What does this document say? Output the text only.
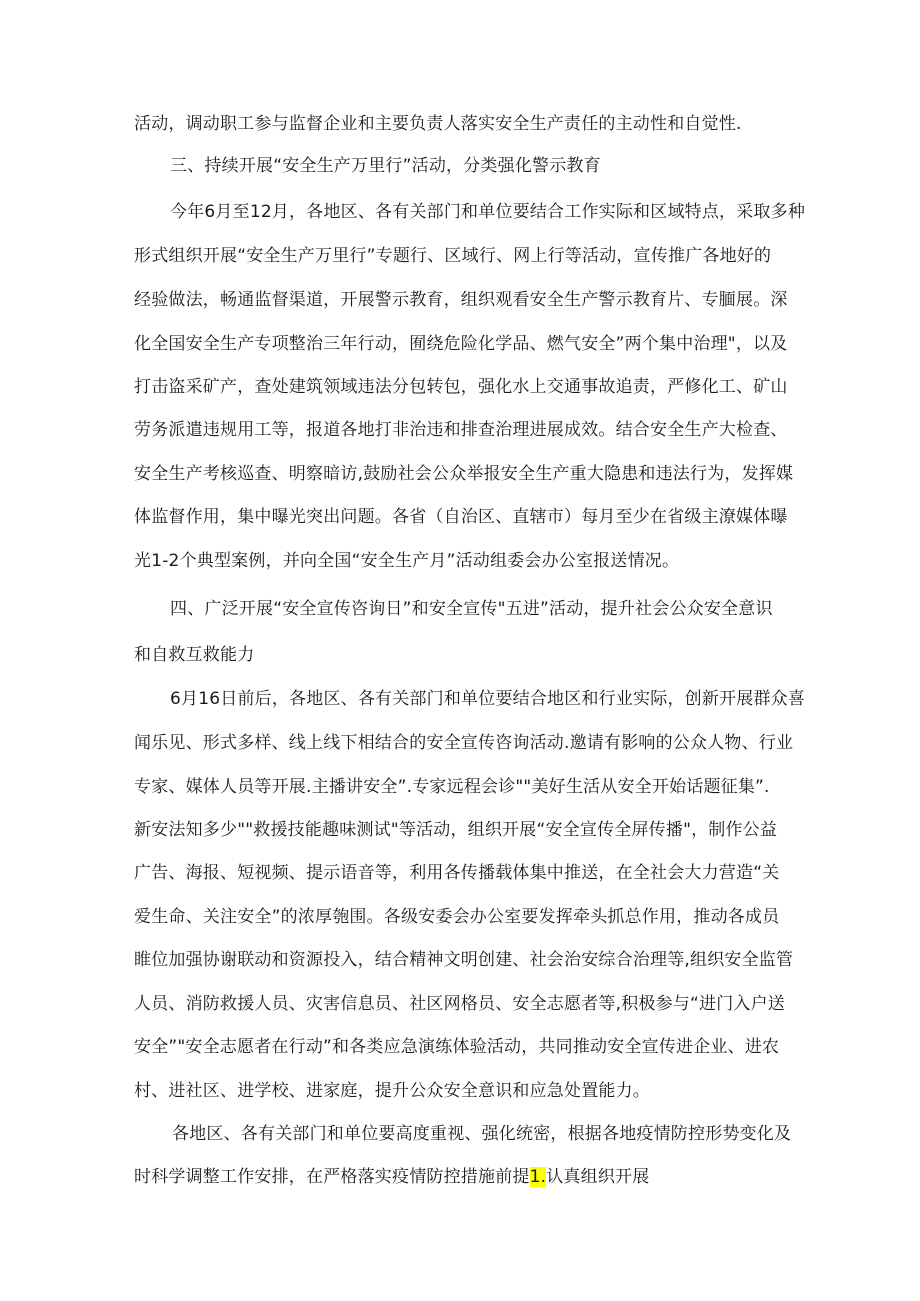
活动，调动职工参与监督企业和主要负责人落实安全生产责任的主动性和自觉性.
三、持续开展“安全生产万里行”活动，分类强化警示教育
今年6月至12月，各地区、各有关部门和单位要结合工作实际和区域特点，采取多种
形式组织开展“安全生产万里行”专题行、区域行、网上行等活动，宣传推广各地好的
经验做法，畅通监督渠道，开展警示教育，组织观看安全生产警示教育片、专腼展。深
化全国安全生产专项整治三年行动，囿绕危险化学品、燃气安全”两个集中治理"，以及
打击盗采矿产，查处建筑领域违法分包转包，强化水上交通事故追责，严修化工、矿山
劳务派遣违规用工等，报道各地打非治违和排查治理进展成效。结合安全生产大检查、
安全生产考核巡查、明察暗访,鼓励社会公众举报安全生产重大隐患和违法行为，发挥媒
体监督作用，集中曝光突出问题。各省（自治区、直辖市）每月至少在省级主潦媒体曝
光1-2个典型案例，并向全国“安全生产月”活动组委会办公室报送情况。
四、广泛开展“安全宣传咨询日”和安全宣传"五进”活动，提升社会公众安全意识
和自救互救能力
6月16日前后，各地区、各有关部门和单位要结合地区和行业实际，创新开展群众喜
闻乐见、形式多样、线上线下相结合的安全宣传咨询活动.邀请有影响的公众人物、行业
专家、媒体人员等开展.主播讲安全”.专家远程会诊""美好生活从安全开始话题征集”.
新安法知多少""救援技能趣味测试"等活动，组织开展“安全宣传全屏传播"，制作公益
广告、海报、短视频、提示语音等，利用各传播载体集中推送，在全社会大力营造“关
爱生命、关注安全”的浓厚匏围。各级安委会办公室要发挥牵头抓总作用，推动各成员
睢位加强协谢联动和资源投入，结合精神文明创建、社会治安综合治理等,组织安全监管
人员、消防救援人员、灾害信息员、社区网格员、安全志愿者等,积极参与“进门入户送
安全”"安全志愿者在行动”和各类应急演练体验活动，共同推动安全宣传进企业、进农
村、进社区、进学校、进家庭，提升公众安全意识和应急处置能力。
各地区、各有关部门和单位要高度重视、强化统密，根据各地疫情防控形势变化及
时科学调整工作安排，在严格落实疫情防控措施前提1.认真组织开展
